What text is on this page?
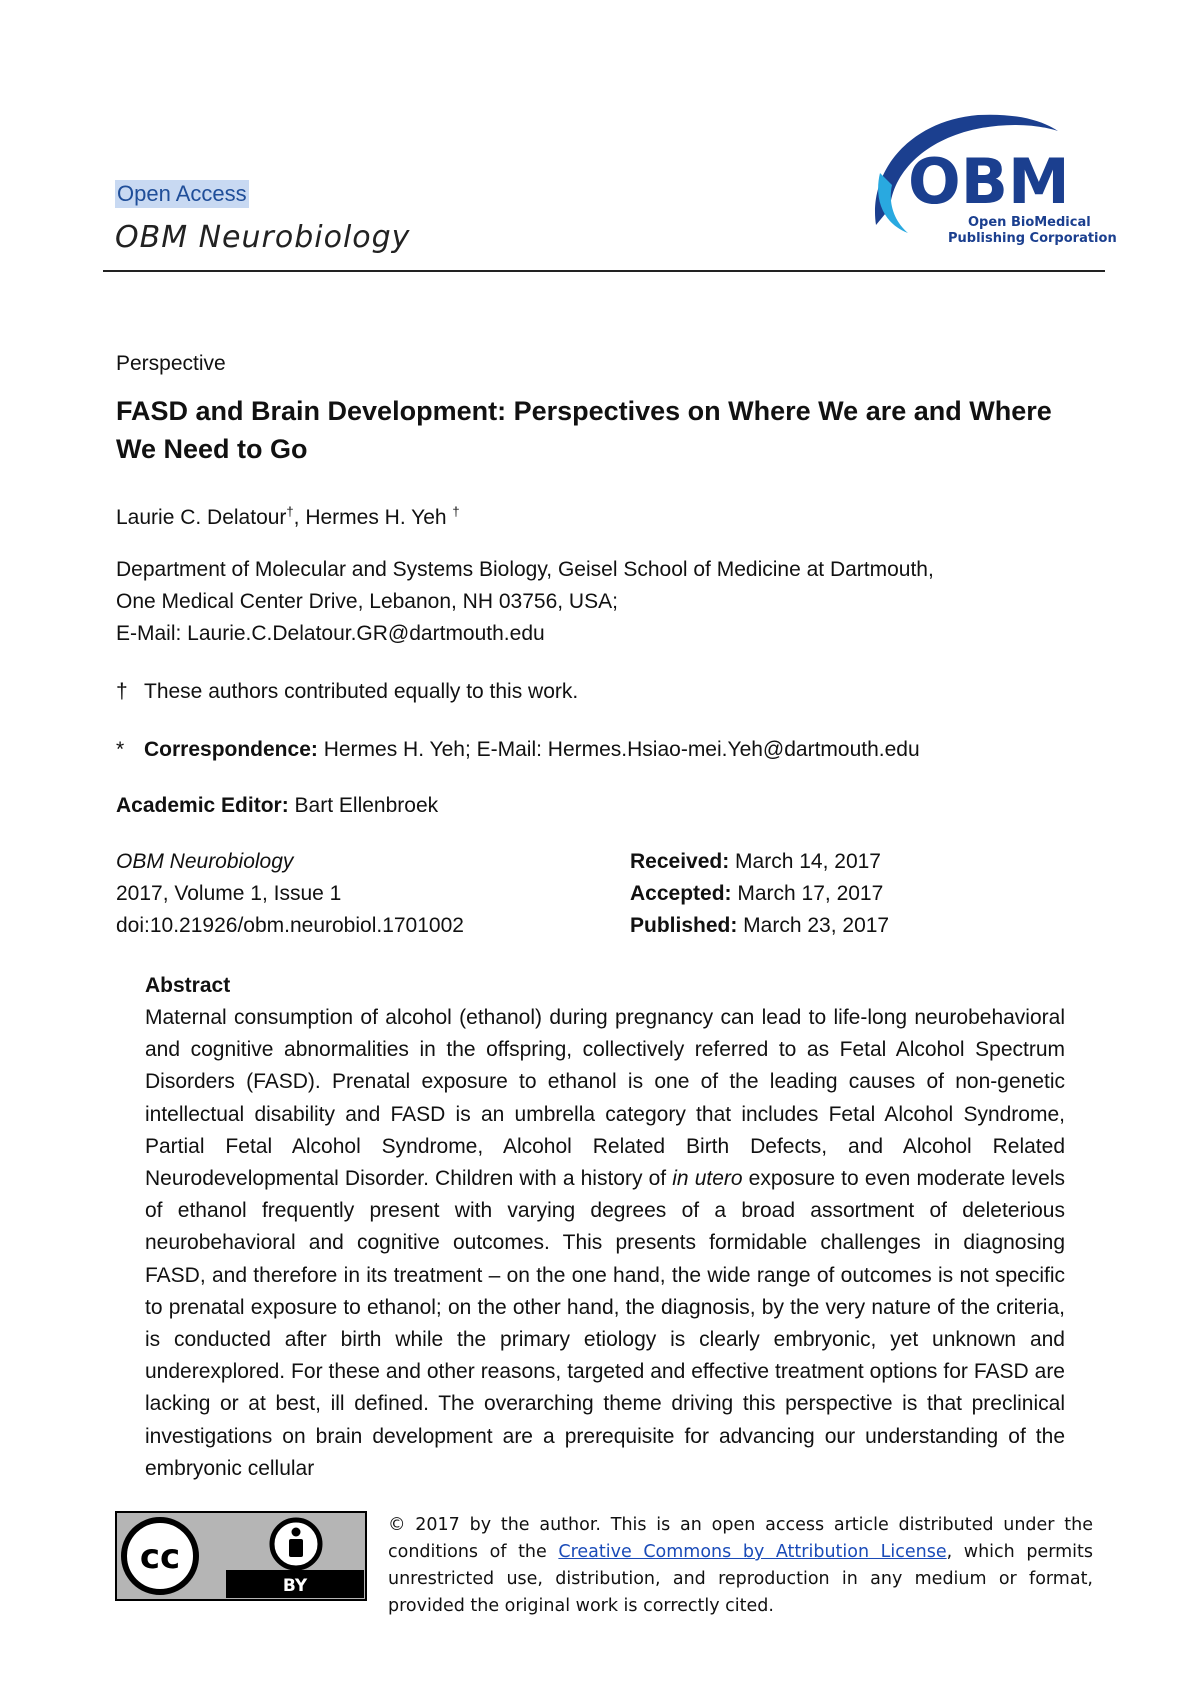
Open Access
OBM Neurobiology
OBM
Open BioMedical
Publishing Corporation
Perspective
FASD and Brain Development: Perspectives on Where We are and Where We Need to Go
Laurie C. Delatour†, Hermes H. Yeh †
Department of Molecular and Systems Biology, Geisel School of Medicine at Dartmouth,
One Medical Center Drive, Lebanon, NH 03756, USA;
E-Mail: Laurie.C.Delatour.GR@dartmouth.edu
† These authors contributed equally to this work.
* Correspondence: Hermes H. Yeh; E-Mail: Hermes.Hsiao-mei.Yeh@dartmouth.edu
Academic Editor: Bart Ellenbroek
OBM Neurobiology
2017, Volume 1, Issue 1
doi:10.21926/obm.neurobiol.1701002
Received: March 14, 2017
Accepted: March 17, 2017
Published: March 23, 2017
Abstract
Maternal consumption of alcohol (ethanol) during pregnancy can lead to life-long neurobehavioral and cognitive abnormalities in the offspring, collectively referred to as Fetal Alcohol Spectrum Disorders (FASD). Prenatal exposure to ethanol is one of the leading causes of non-genetic intellectual disability and FASD is an umbrella category that includes Fetal Alcohol Syndrome, Partial Fetal Alcohol Syndrome, Alcohol Related Birth Defects, and Alcohol Related Neurodevelopmental Disorder. Children with a history of in utero exposure to even moderate levels of ethanol frequently present with varying degrees of a broad assortment of deleterious neurobehavioral and cognitive outcomes. This presents formidable challenges in diagnosing FASD, and therefore in its treatment – on the one hand, the wide range of outcomes is not specific to prenatal exposure to ethanol; on the other hand, the diagnosis, by the very nature of the criteria, is conducted after birth while the primary etiology is clearly embryonic, yet unknown and underexplored. For these and other reasons, targeted and effective treatment options for FASD are lacking or at best, ill defined. The overarching theme driving this perspective is that preclinical investigations on brain development are a prerequisite for advancing our understanding of the embryonic cellular
cc
BY
© 2017 by the author. This is an open access article distributed under the conditions of the Creative Commons by Attribution License, which permits unrestricted use, distribution, and reproduction in any medium or format, provided the original work is correctly cited.
